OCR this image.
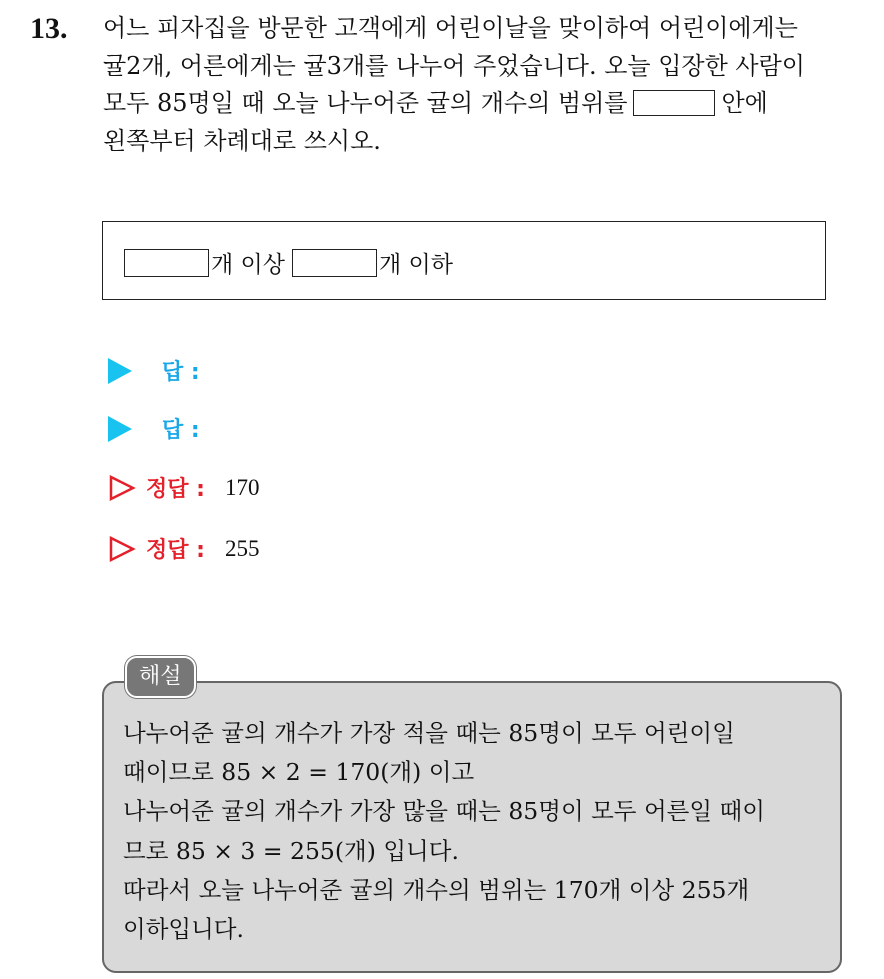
13. 어느 피자집을 방문한 고객에게 어린이날을 맞이하여 어린이에게는
귤2개, 어른에게는 귤3개를 나누어 주었습니다. 오늘 입장한 사람이
모두 85명일 때 오늘 나누어준 귤의 개수의 범위를	안에
왼쪽부터 차례대로 쓰시오.
개 이상	개 이하
답 :
답 :
정답 : 170
정답 : 255
해설
나누어준 귤의 개수가 가장 적을 때는 85명이 모두 어린이일
때이므로 85 × 2 = 170(개) 이고
나누어준 귤의 개수가 가장 많을 때는 85명이 모두 어른일 때이
므로 85 × 3 = 255(개) 입니다.
따라서 오늘 나누어준 귤의 개수의 범위는 170개 이상 255개
이하입니다.
